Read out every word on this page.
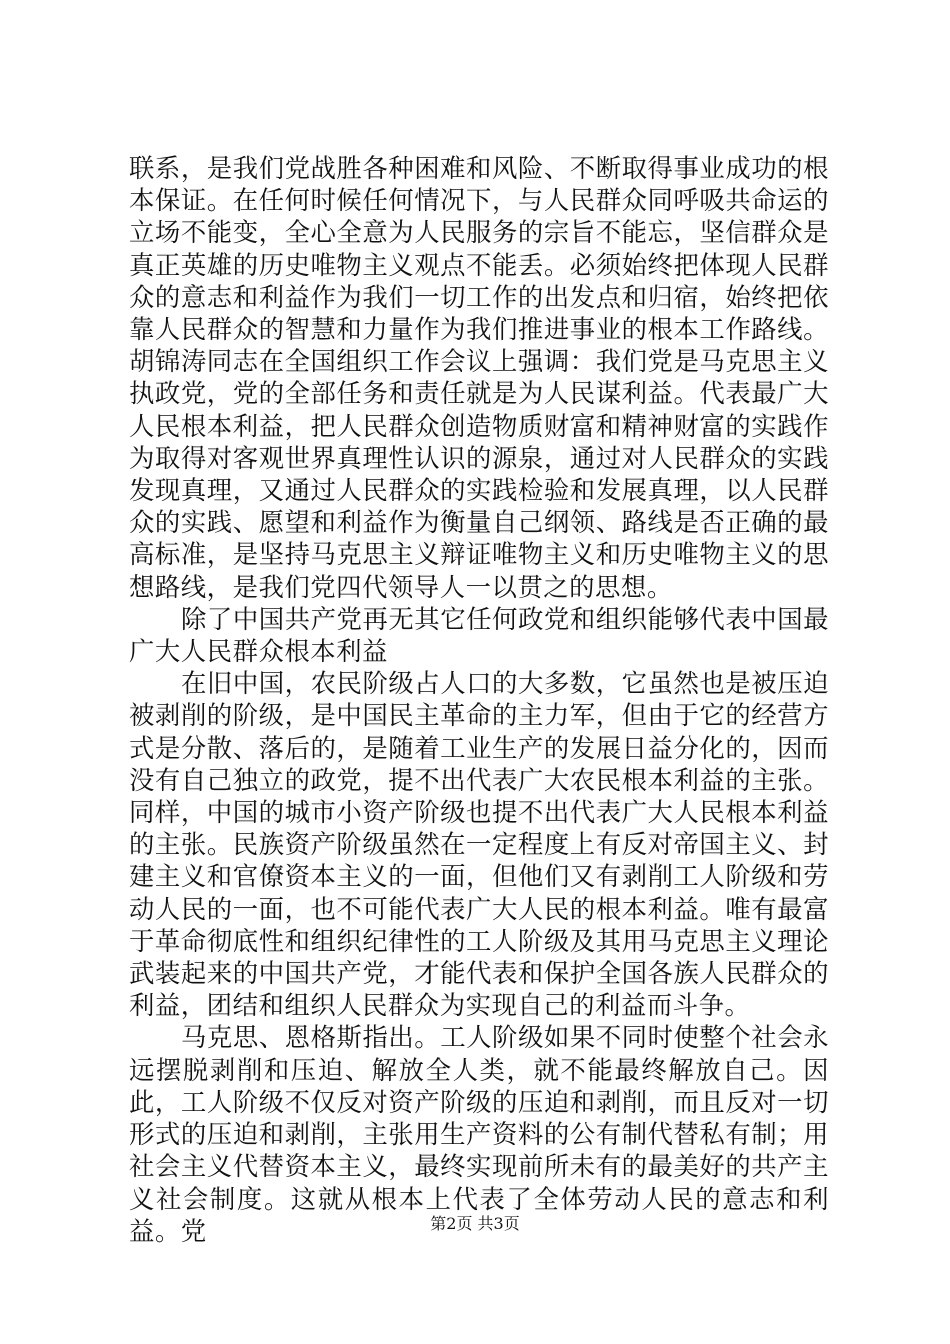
联系，是我们党战胜各种困难和风险、不断取得事业成功的根本保证。在任何时候任何情况下，与人民群众同呼吸共命运的立场不能变，全心全意为人民服务的宗旨不能忘，坚信群众是真正英雄的历史唯物主义观点不能丢。必须始终把体现人民群众的意志和利益作为我们一切工作的出发点和归宿，始终把依靠人民群众的智慧和力量作为我们推进事业的根本工作路线。胡锦涛同志在全国组织工作会议上强调：我们党是马克思主义执政党，党的全部任务和责任就是为人民谋利益。代表最广大人民根本利益，把人民群众创造物质财富和精神财富的实践作为取得对客观世界真理性认识的源泉，通过对人民群众的实践发现真理，又通过人民群众的实践检验和发展真理，以人民群众的实践、愿望和利益作为衡量自己纲领、路线是否正确的最高标准，是坚持马克思主义辩证唯物主义和历史唯物主义的思想路线，是我们党四代领导人一以贯之的思想。

除了中国共产党再无其它任何政党和组织能够代表中国最广大人民群众根本利益

在旧中国，农民阶级占人口的大多数，它虽然也是被压迫被剥削的阶级，是中国民主革命的主力军，但由于它的经营方式是分散、落后的，是随着工业生产的发展日益分化的，因而没有自己独立的政党，提不出代表广大农民根本利益的主张。同样，中国的城市小资产阶级也提不出代表广大人民根本利益的主张。民族资产阶级虽然在一定程度上有反对帝国主义、封建主义和官僚资本主义的一面，但他们又有剥削工人阶级和劳动人民的一面，也不可能代表广大人民的根本利益。唯有最富于革命彻底性和组织纪律性的工人阶级及其用马克思主义理论武装起来的中国共产党，才能代表和保护全国各族人民群众的利益，团结和组织人民群众为实现自己的利益而斗争。

马克思、恩格斯指出。工人阶级如果不同时使整个社会永远摆脱剥削和压迫、解放全人类，就不能最终解放自己。因此，工人阶级不仅反对资产阶级的压迫和剥削，而且反对一切形式的压迫和剥削，主张用生产资料的公有制代替私有制；用社会主义代替资本主义，最终实现前所未有的最美好的共产主义社会制度。这就从根本上代表了全体劳动人民的意志和利益。党	第2页 共3页
